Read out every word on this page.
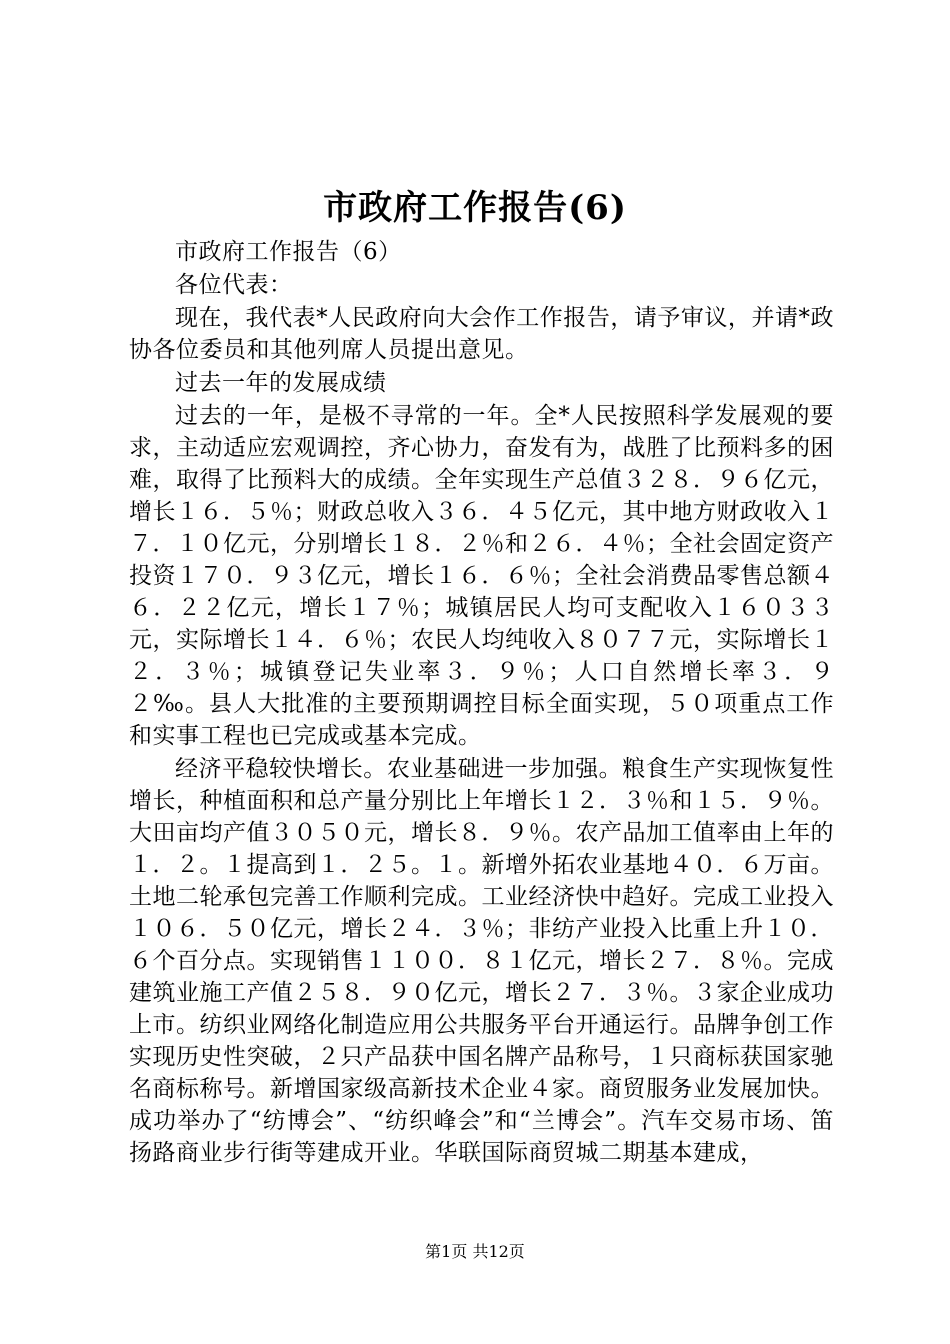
市政府工作报告(6)

市政府工作报告（6）

各位代表：

现在，我代表*人民政府向大会作工作报告，请予审议，并请*政协各位委员和其他列席人员提出意见。

过去一年的发展成绩

过去的一年，是极不寻常的一年。全*人民按照科学发展观的要求，主动适应宏观调控，齐心协力，奋发有为，战胜了比预料多的困难，取得了比预料大的成绩。全年实现生产总值３２８．９６亿元，增长１６．５％；财政总收入３６．４５亿元，其中地方财政收入１７．１０亿元，分别增长１８．２％和２６．４％；全社会固定资产投资１７０．９３亿元，增长１６．６％；全社会消费品零售总额４６．２２亿元，增长１７％；城镇居民人均可支配收入１６０３３元，实际增长１４．６％；农民人均纯收入８０７７元，实际增长１２．３％；城镇登记失业率３．９％；人口自然增长率３．９２‰。县人大批准的主要预期调控目标全面实现，５０项重点工作和实事工程也已完成或基本完成。

经济平稳较快增长。农业基础进一步加强。粮食生产实现恢复性增长，种植面积和总产量分别比上年增长１２．３％和１５．９％。大田亩均产值３０５０元，增长８．９％。农产品加工值率由上年的１．２。１提高到１．２５。１。新增外拓农业基地４０．６万亩。土地二轮承包完善工作顺利完成。工业经济快中趋好。完成工业投入１０６．５０亿元，增长２４．３％；非纺产业投入比重上升１０．６个百分点。实现销售１１００．８１亿元，增长２７．８％。完成建筑业施工产值２５８．９０亿元，增长２７．３％。３家企业成功上市。纺织业网络化制造应用公共服务平台开通运行。品牌争创工作实现历史性突破，２只产品获中国名牌产品称号，１只商标获国家驰名商标称号。新增国家级高新技术企业４家。商贸服务业发展加快。成功举办了“纺博会”、“纺织峰会”和“兰博会”。汽车交易市场、笛扬路商业步行街等建成开业。华联国际商贸城二期基本建成，

第1页 共12页
